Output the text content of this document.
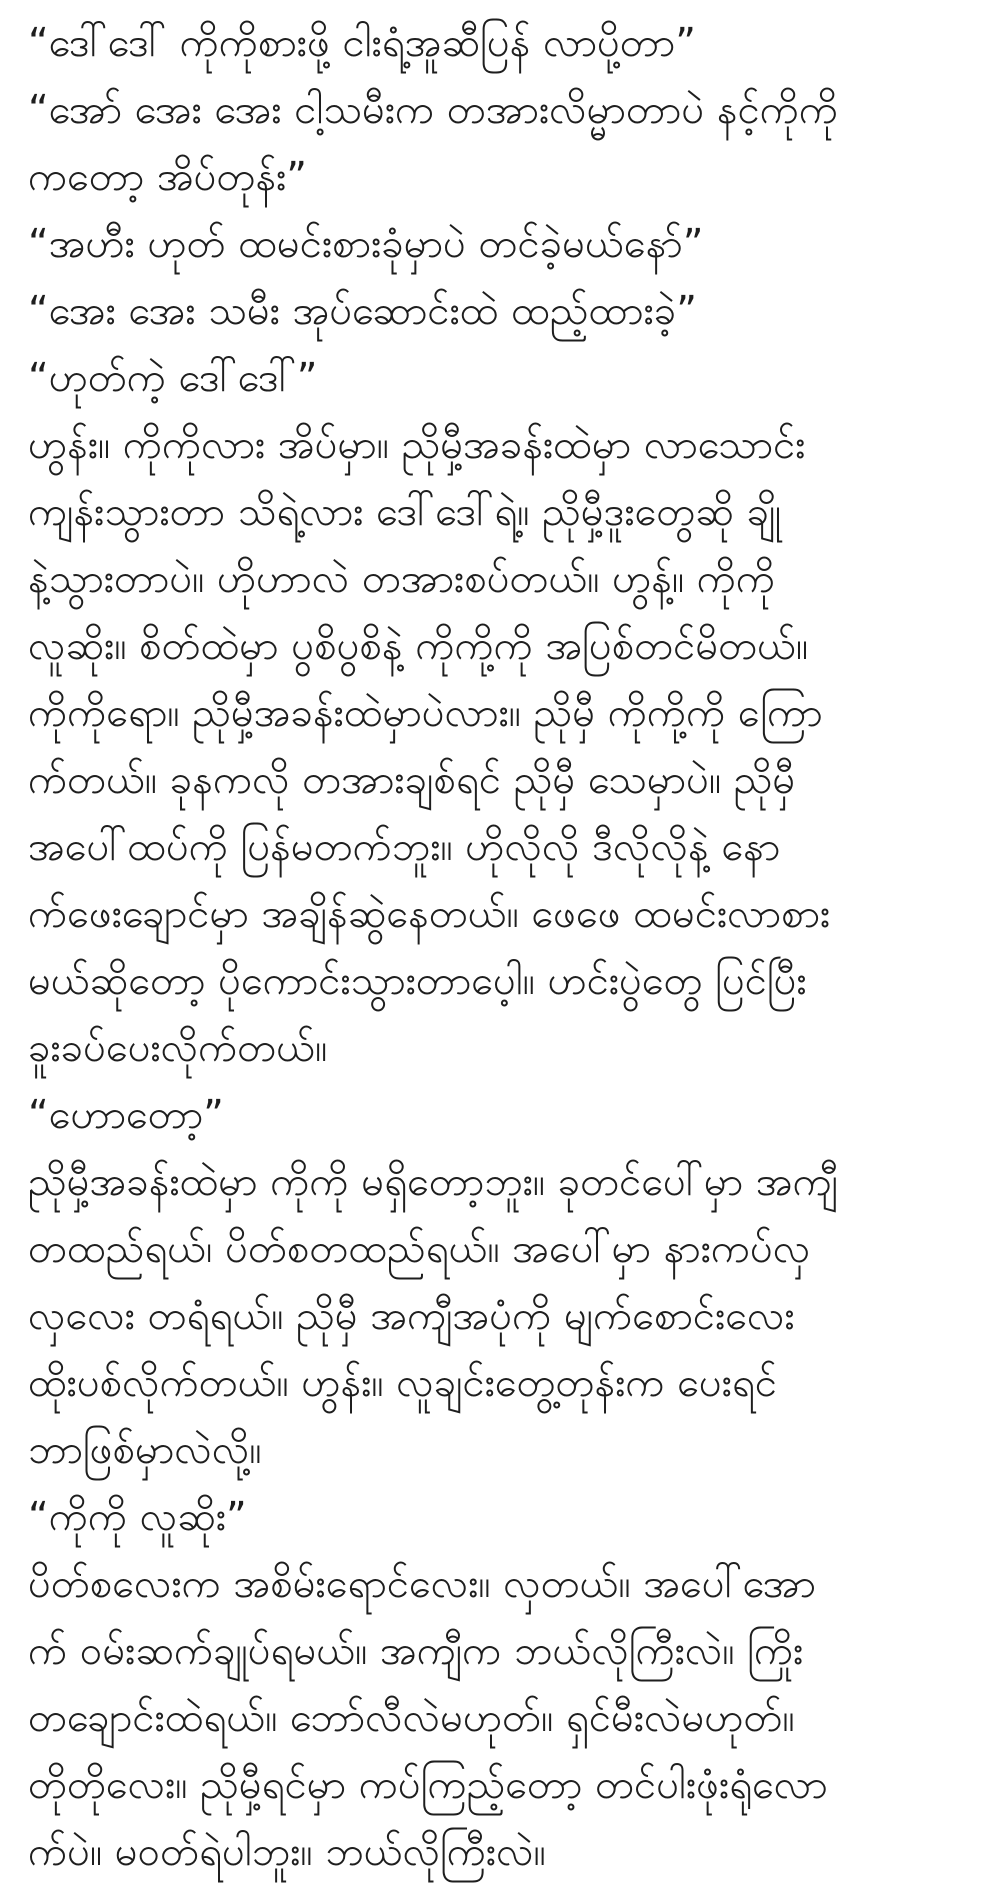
“ဒေါ်ဒေါ် ကိုကိုစားဖို့ ငါးရံ့အူဆီပြန် လာပို့တာ”
“အော် အေး အေး ငါ့သမီးက တအားလိမ္မာတာပဲ နင့်ကိုကို
ကတော့ အိပ်တုန်း”
“အဟီး ဟုတ် ထမင်းစားခုံမှာပဲ တင်ခဲ့မယ်နော်”
“အေး အေး သမီး အုပ်ဆောင်းထဲ ထည့်ထားခဲ့”
“ဟုတ်ကဲ့ ဒေါ်ဒေါ်”
ဟွန်း။ ကိုကိုလား အိပ်မှာ။ ညိုမှီ့အခန်းထဲမှာ လာသောင်း
ကျန်းသွားတာ သိရဲ့လား ဒေါ်ဒေါ်ရဲ့။ ညိုမှီ့ဒူးတွေဆို ချို
နဲ့သွားတာပဲ။ ဟိုဟာလဲ တအားစပ်တယ်။ ဟွန့်။ ကိုကို
လူဆိုး။ စိတ်ထဲမှာ ပွစိပွစိနဲ့ ကိုကို့ကို အပြစ်တင်မိတယ်။
ကိုကိုရော။ ညိုမှီ့အခန်းထဲမှာပဲလား။ ညိုမှီ ကိုကို့ကို ကြော
က်တယ်။ ခုနကလို တအားချစ်ရင် ညိုမှီ သေမှာပဲ။ ညိုမှီ
အပေါ်ထပ်ကို ပြန်မတက်ဘူး။ ဟိုလိုလို ဒီလိုလိုနဲ့ နော
က်ဖေးချောင်မှာ အချိန်ဆွဲနေတယ်။ ဖေဖေ ထမင်းလာစား
မယ်ဆိုတော့ ပိုကောင်းသွားတာပေ့ါ။ ဟင်းပွဲတွေ ပြင်ပြီး
ခူးခပ်ပေးလိုက်တယ်။
“ဟောတော့”
ညိုမှီ့အခန်းထဲမှာ ကိုကို မရှိတော့ဘူး။ ခုတင်ပေါ်မှာ အကျီ
တထည်ရယ်၊ ပိတ်စတထည်ရယ်။ အပေါ်မှာ နားကပ်လှ
လှလေး တရံရယ်။ ညိုမှီ အကျီအပုံကို မျက်စောင်းလေး
ထိုးပစ်လိုက်တယ်။ ဟွန်း။ လူချင်းတွေ့တုန်းက ပေးရင်
ဘာဖြစ်မှာလဲလို့။
“ကိုကို လူဆိုး”
ပိတ်စလေးက အစိမ်းရောင်လေး။ လှတယ်။ အပေါ်အော
က် ဝမ်းဆက်ချုပ်ရမယ်။ အကျီက ဘယ်လိုကြီးလဲ။ ကြိုး
တချောင်းထဲရယ်။ ဘော်လီလဲမဟုတ်။ ရှင်မီးလဲမဟုတ်။
တိုတိုလေး။ ညိုမှီ့ရင်မှာ ကပ်ကြည့်တော့ တင်ပါးဖုံးရုံလော
က်ပဲ။ မဝတ်ရဲပါဘူး။ ဘယ်လိုကြီးလဲ။
